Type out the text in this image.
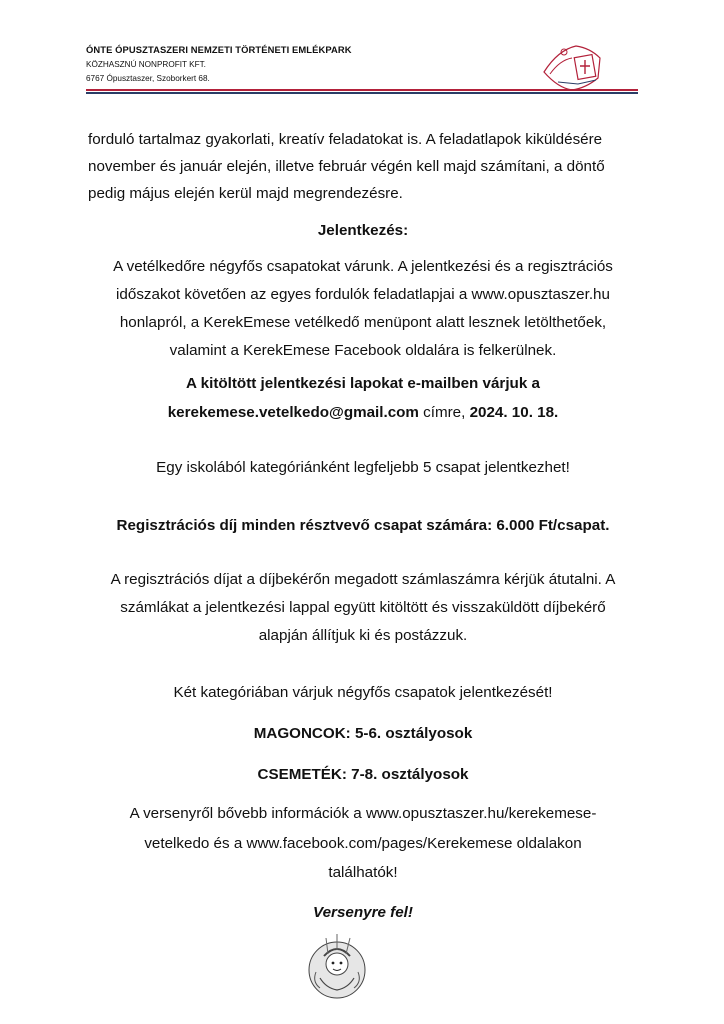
ÓNTE ÓPUSZTASZERI NEMZETI TÖRTÉNETI EMLÉKPARK
KÖZHASZNÚ NONPROFIT KFT.
6767 Ópusztaszer, Szoborkert 68.
forduló tartalmaz gyakorlati, kreatív feladatokat is. A feladatlapok kiküldésére
november és január elején, illetve február végén kell majd számítani, a döntő
pedig május elején kerül majd megrendezésre.
Jelentkezés:
A vetélkedőre négyfős csapatokat várunk. A jelentkezési és a regisztrációs
időszakot követően az egyes fordulók feladatlapjai a www.opusztaszer.hu
honlapról, a KerekEmese vetélkedő menüpont alatt lesznek letölthetőek,
valamint a KerekEmese Facebook oldalára is felkerülnek.
A kitöltött jelentkezési lapokat e-mailben várjuk a
kerekemese.vetelkedo@gmail.com címre, 2024. 10. 18.
Egy iskolából kategóriánként legfeljebb 5 csapat jelentkezhet!
Regisztrációs díj minden résztvevő csapat számára: 6.000 Ft/csapat.
A regisztrációs díjat a díjbekérőn megadott számlaszámra kérjük átutalni. A
számlákat a jelentkezési lappal együtt kitöltött és visszaküldött díjbekérő
alapján állítjuk ki és postázzuk.
Két kategóriában várjuk négyfős csapatok jelentkezését!
MAGONCOK: 5-6. osztályosok
CSEMETÉK: 7-8. osztályosok
A versenyről bővebb információk a www.opusztaszer.hu/kerekemese-
vetelkedo és a www.facebook.com/pages/Kerekemese oldalakon
találhatók!
Versenyre fel!
